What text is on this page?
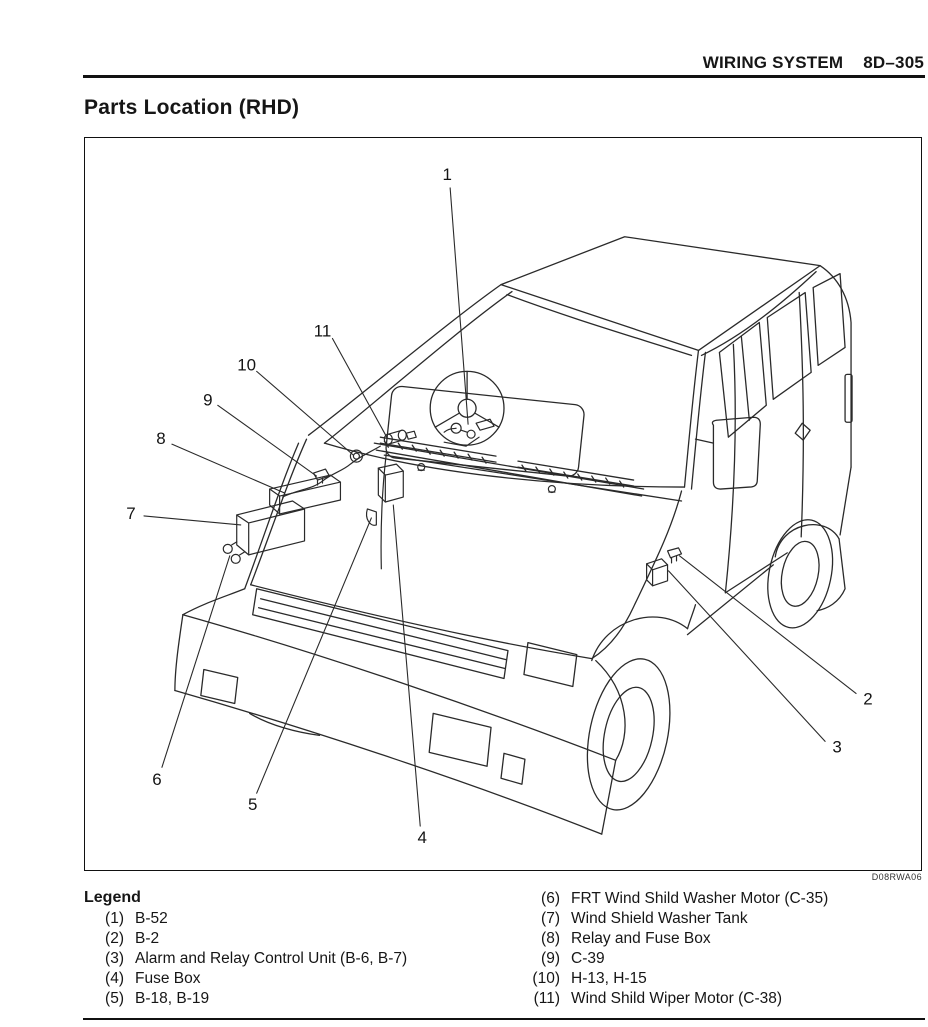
WIRING SYSTEM 8D–305
Parts Location (RHD)
1
2
3
4
5
6
7
8
9
10
11
D08RWA06
Legend
(1) B-52
(2) B-2
(3) Alarm and Relay Control Unit (B-6, B-7)
(4) Fuse Box
(5) B-18, B-19
(6) FRT Wind Shild Washer Motor (C-35)
(7) Wind Shield Washer Tank
(8) Relay and Fuse Box
(9) C-39
(10) H-13, H-15
(11) Wind Shild Wiper Motor (C-38)
